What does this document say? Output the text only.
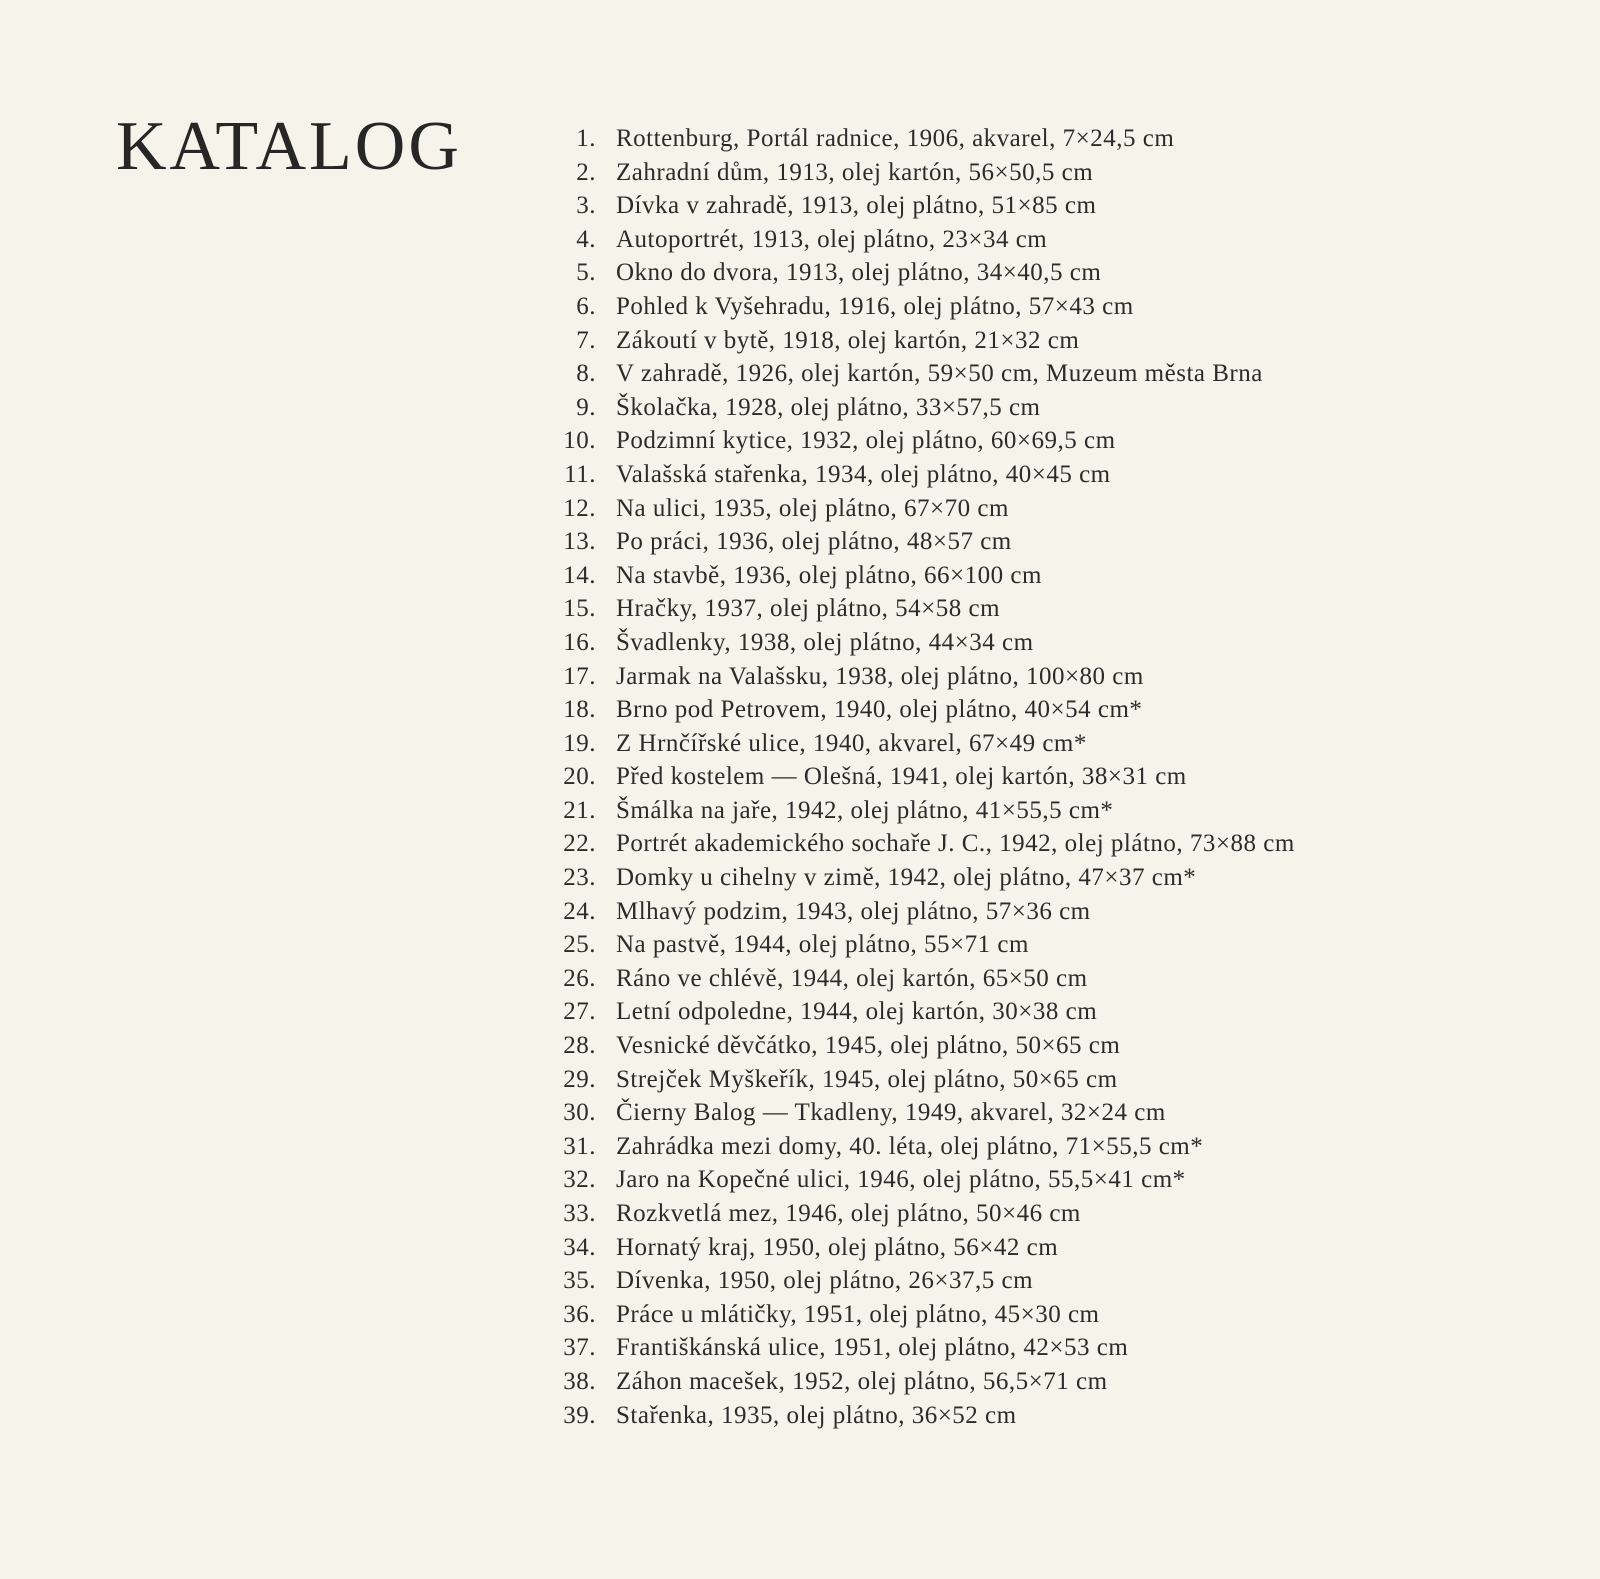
KATALOG	1. Rottenburg, Portál radnice, 1906, akvarel, 7×24,5 cm
2. Zahradní dům, 1913, olej kartón, 56×50,5 cm
3. Dívka v zahradě, 1913, olej plátno, 51×85 cm
4. Autoportrét, 1913, olej plátno, 23×34 cm
5. Okno do dvora, 1913, olej plátno, 34×40,5 cm
6. Pohled k Vyšehradu, 1916, olej plátno, 57×43 cm
7. Zákoutí v bytě, 1918, olej kartón, 21×32 cm
8. V zahradě, 1926, olej kartón, 59×50 cm, Muzeum města Brna
9. Školačka, 1928, olej plátno, 33×57,5 cm
10. Podzimní kytice, 1932, olej plátno, 60×69,5 cm
11. Valašská stařenka, 1934, olej plátno, 40×45 cm
12. Na ulici, 1935, olej plátno, 67×70 cm
13. Po práci, 1936, olej plátno, 48×57 cm
14. Na stavbě, 1936, olej plátno, 66×100 cm
15. Hračky, 1937, olej plátno, 54×58 cm
16. Švadlenky, 1938, olej plátno, 44×34 cm
17. Jarmak na Valašsku, 1938, olej plátno, 100×80 cm
18. Brno pod Petrovem, 1940, olej plátno, 40×54 cm*
19. Z Hrnčířské ulice, 1940, akvarel, 67×49 cm*
20. Před kostelem — Olešná, 1941, olej kartón, 38×31 cm
21. Šmálka na jaře, 1942, olej plátno, 41×55,5 cm*
22. Portrét akademického sochaře J. C., 1942, olej plátno, 73×88 cm
23. Domky u cihelny v zimě, 1942, olej plátno, 47×37 cm*
24. Mlhavý podzim, 1943, olej plátno, 57×36 cm
25. Na pastvě, 1944, olej plátno, 55×71 cm
26. Ráno ve chlévě, 1944, olej kartón, 65×50 cm
27. Letní odpoledne, 1944, olej kartón, 30×38 cm
28. Vesnické děvčátko, 1945, olej plátno, 50×65 cm
29. Strejček Myškeřík, 1945, olej plátno, 50×65 cm
30. Čierny Balog — Tkadleny, 1949, akvarel, 32×24 cm
31. Zahrádka mezi domy, 40. léta, olej plátno, 71×55,5 cm*
32. Jaro na Kopečné ulici, 1946, olej plátno, 55,5×41 cm*
33. Rozkvetlá mez, 1946, olej plátno, 50×46 cm
34. Hornatý kraj, 1950, olej plátno, 56×42 cm
35. Dívenka, 1950, olej plátno, 26×37,5 cm
36. Práce u mlátičky, 1951, olej plátno, 45×30 cm
37. Františkánská ulice, 1951, olej plátno, 42×53 cm
38. Záhon macešek, 1952, olej plátno, 56,5×71 cm
39. Stařenka, 1935, olej plátno, 36×52 cm
